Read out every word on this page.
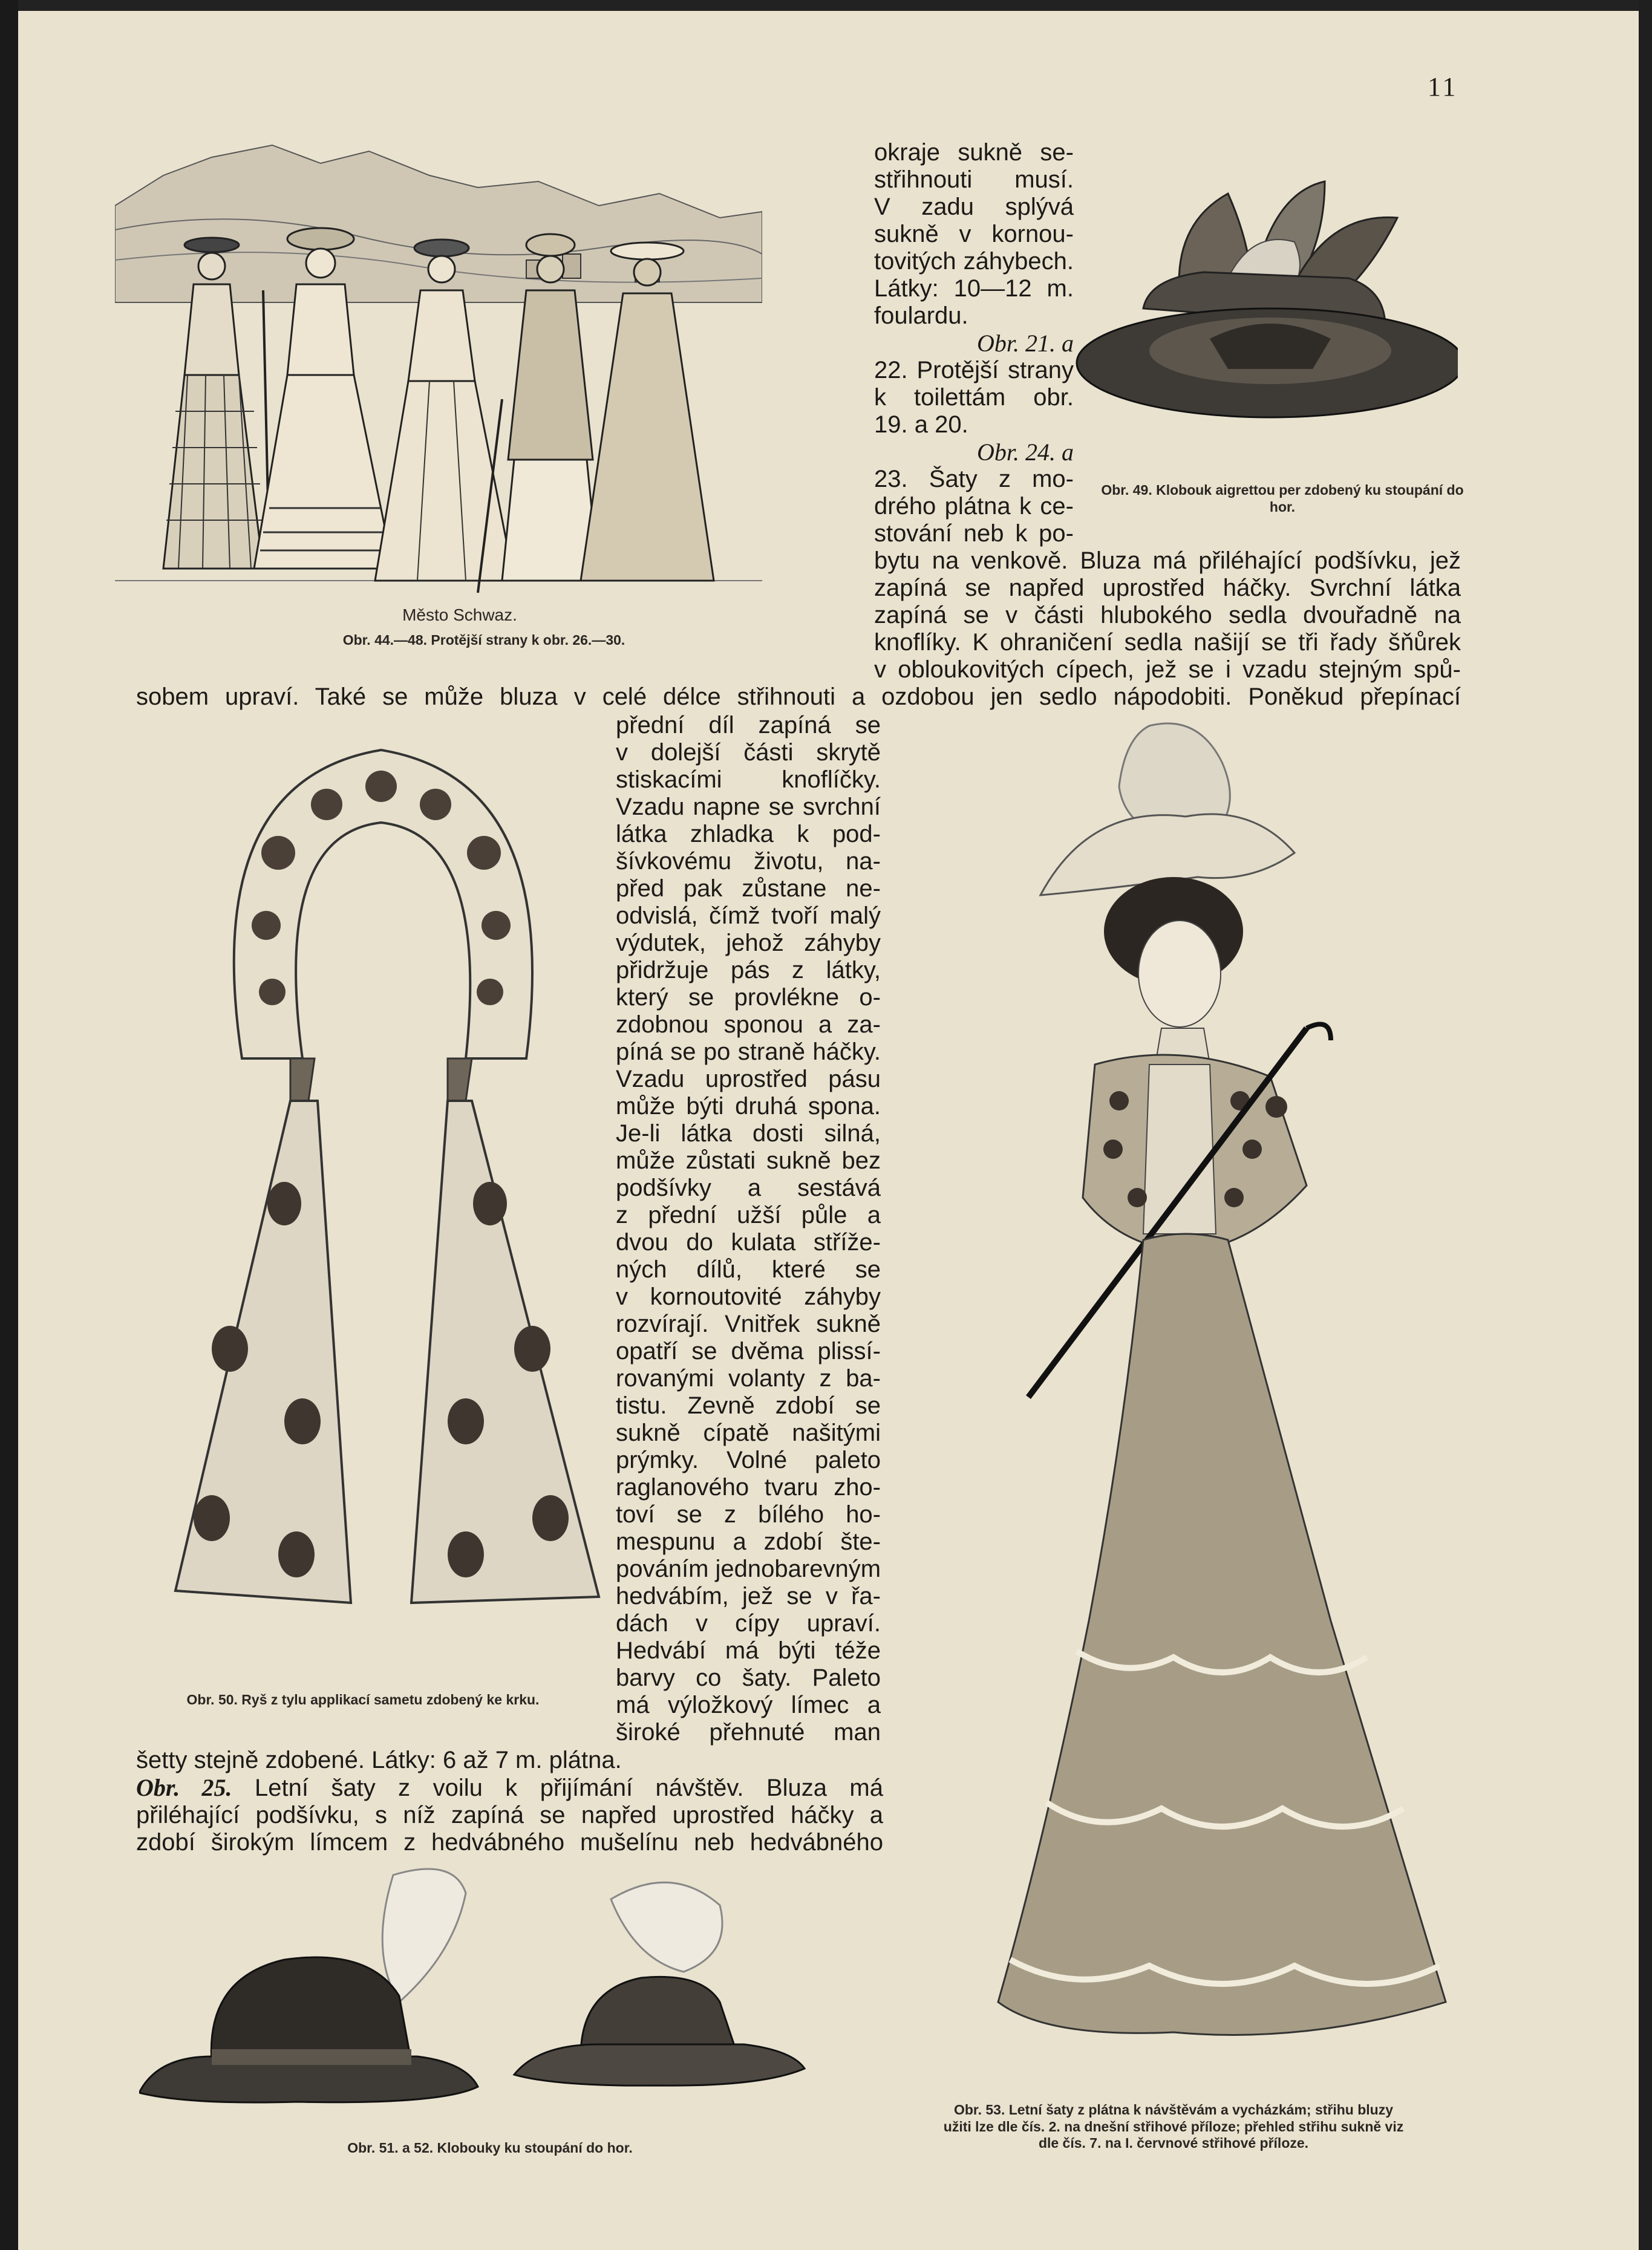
11
Město Schwaz.
Obr. 44.—48. Protější strany k obr. 26.—30.
Obr. 49. Klobouk aigrettou per zdobený ku stoupání do hor.
okraje sukně se-
střihnouti musí.
V zadu splývá
sukně v kornou-
tovitých záhybech.
Látky: 10—12 m.
foulardu.
Obr. 21. a
22. Protější strany
k toilettám obr.
19. a 20.
Obr. 24. a
23. Šaty z mo-
drého plátna k ce-
stování neb k po-
bytu na venkově. Bluza má přiléhající podšívku, jež
zapíná se napřed uprostřed háčky. Svrchní látka
zapíná se v části hlubokého sedla dvouřadně na
knoflíky. K ohraničení sedla našijí se tři řady šňůrek
v obloukovitých cípech, jež se i vzadu stejným spů-
sobem upraví. Také se může bluza v celé délce střihnouti a ozdobou jen sedlo nápodobiti. Poněkud přepínací
Obr. 50. Ryš z tylu applikací sametu zdobený ke krku.
přední díl zapíná se
v dolejší části skrytě
stiskacími knoflíčky.
Vzadu napne se svrchní
látka zhladka k pod-
šívkovému životu, na-
před pak zůstane ne-
odvislá, čímž tvoří malý
výdutek, jehož záhyby
přidržuje pás z látky,
který se provlékne o-
zdobnou sponou a za-
píná se po straně háčky.
Vzadu uprostřed pásu
může býti druhá spona.
Je-li látka dosti silná,
může zůstati sukně bez
podšívky a sestává
z přední užší půle a
dvou do kulata stříže-
ných dílů, které se
v kornoutovité záhyby
rozvírají. Vnitřek sukně
opatří se dvěma plissí-
rovanými volanty z ba-
tistu. Zevně zdobí se
sukně cípatě našitými
prýmky. Volné paleto
raglanového tvaru zho-
toví se z bílého ho-
mespunu a zdobí šte-
pováním jednobarevným
hedvábím, jež se v řa-
dách v cípy upraví.
Hedvábí má býti téže
barvy co šaty. Paleto
má výložkový límec a
široké přehnuté man
šetty stejně zdobené. Látky: 6 až 7 m. plátna.
Obr. 25. Letní šaty z voilu k přijímání návštěv. Bluza má
přiléhající podšívku, s níž zapíná se napřed uprostřed háčky a
zdobí širokým límcem z hedvábného mušelínu neb hedvábného
Obr. 51. a 52. Klobouky ku stoupání do hor.
Obr. 53. Letní šaty z plátna k návštěvám a vycházkám; střihu bluzy
užiti lze dle čís. 2. na dnešní střihové příloze; přehled střihu sukně viz
dle čís. 7. na I. červnové střihové příloze.
